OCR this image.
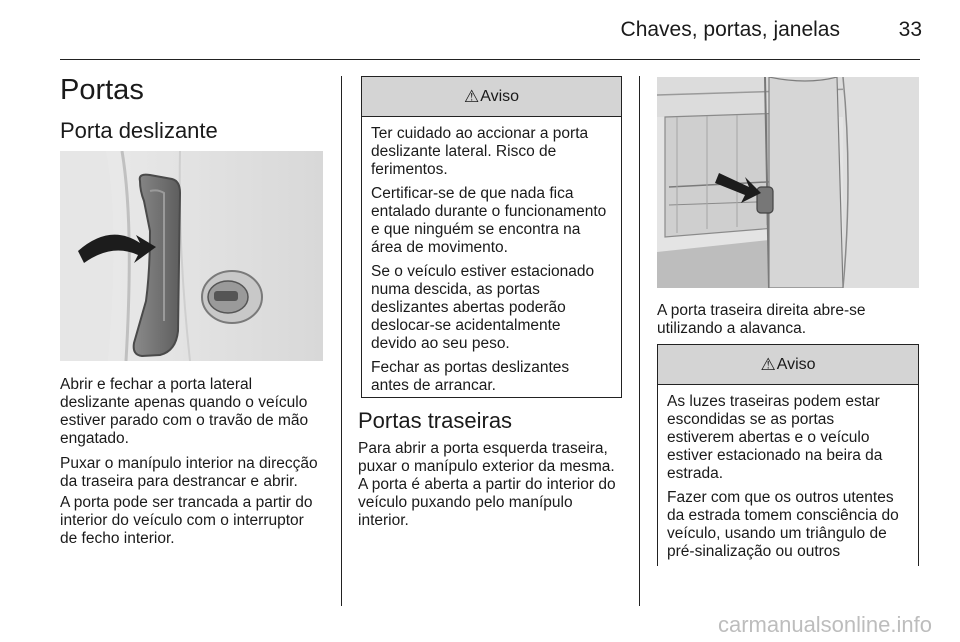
Chaves, portas, janelas	33
Portas
Porta deslizante
Abrir e fechar a porta lateral
deslizante apenas quando o veículo
estiver parado com o travão de mão
engatado.
Puxar o manípulo interior na direcção
da traseira para destrancar e abrir.
A porta pode ser trancada a partir do
interior do veículo com o interruptor
de fecho interior.
⚠ Aviso

Ter cuidado ao accionar a porta
deslizante lateral. Risco de
ferimentos.

Certificar-se de que nada fica
entalado durante o funcionamento
e que ninguém se encontra na
área de movimento.

Se o veículo estiver estacionado
numa descida, as portas
deslizantes abertas poderão
deslocar-se acidentalmente
devido ao seu peso.

Fechar as portas deslizantes
antes de arrancar.

Portas traseiras
Para abrir a porta esquerda traseira,
puxar o manípulo exterior da mesma.
A porta é aberta a partir do interior do
veículo puxando pelo manípulo
interior.
A porta traseira direita abre-se
utilizando a alavanca.
⚠ Aviso

As luzes traseiras podem estar
escondidas se as portas
estiverem abertas e o veículo
estiver estacionado na beira da
estrada.

Fazer com que os outros utentes
da estrada tomem consciência do
veículo, usando um triângulo de
pré-sinalização ou outros

carmanualsonline.info
